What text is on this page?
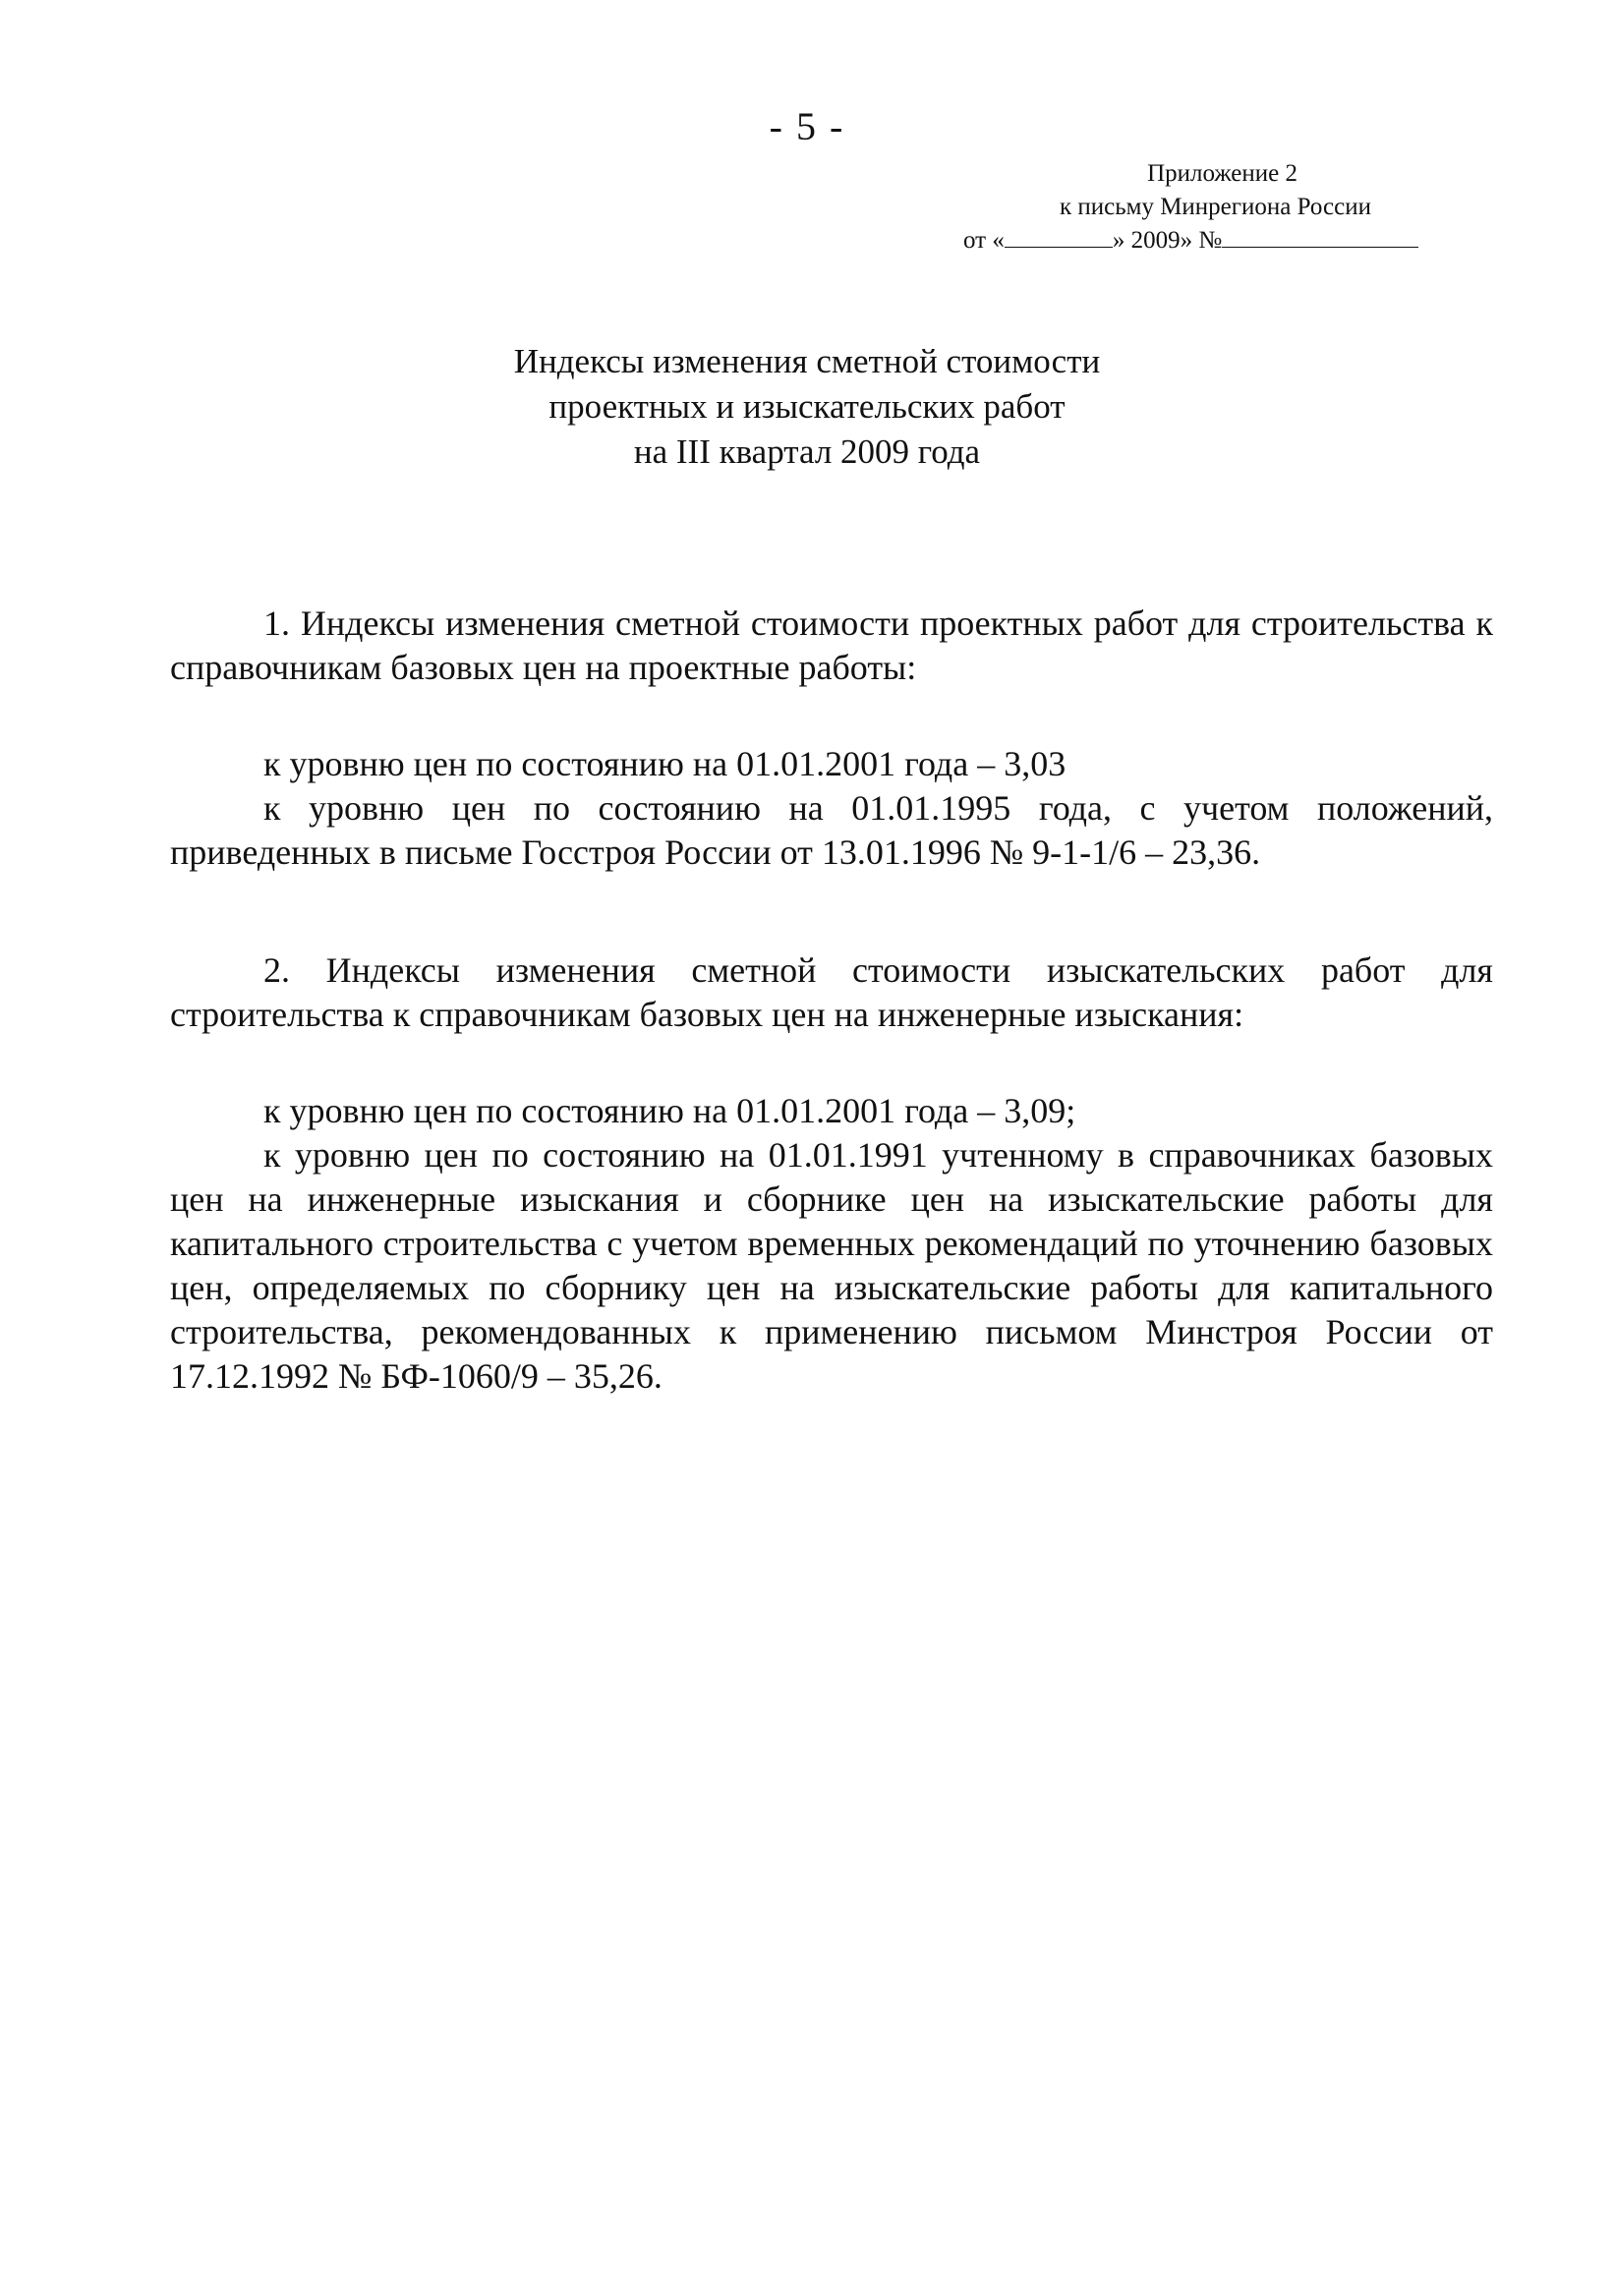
- 5 -
Приложение 2
к письму Минрегиона России
от «	» 2009» №
Индексы изменения сметной стоимости
проектных и изыскательских работ
на III квартал 2009 года

1. Индексы изменения сметной стоимости проектных работ для строительства к справочникам базовых цен на проектные работы:

к уровню цен по состоянию на 01.01.2001 года – 3,03

к уровню цен по состоянию на 01.01.1995 года, с учетом положений, приведенных в письме Госстроя России от 13.01.1996 № 9-1-1/6 – 23,36.

2. Индексы изменения сметной стоимости изыскательских работ для строительства к справочникам базовых цен на инженерные изыскания:

к уровню цен по состоянию на 01.01.2001 года – 3,09;

к уровню цен по состоянию на 01.01.1991 учтенному в справочниках базовых цен на инженерные изыскания и сборнике цен на изыскательские работы для капитального строительства с учетом временных рекомендаций по уточнению базовых цен, определяемых по сборнику цен на изыскательские работы для капитального строительства, рекомендованных к применению письмом Минстроя России от 17.12.1992 № БФ-1060/9 – 35,26.
